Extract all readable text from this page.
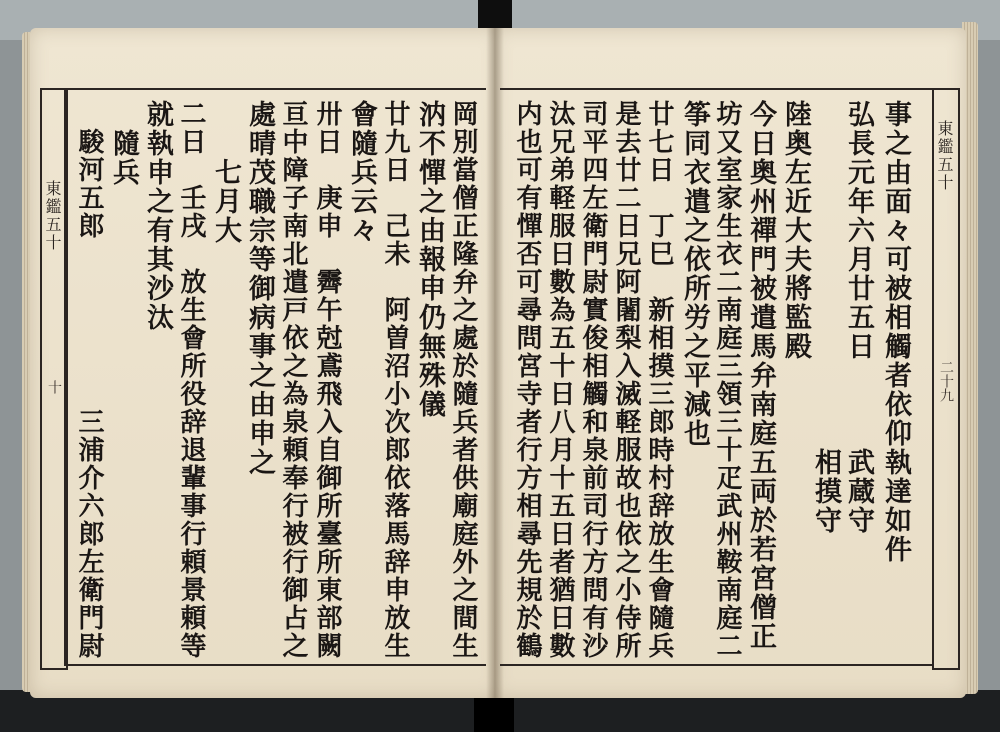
東鑑五十
十
東鑑五十
二十九
事之由面々可被相觸者依仰執達如件
弘長元年六月廿五日　　　武蔵守
　　　　　　　　　　　　相摸守
陸奥左近大夫將監殿
今日奥州禪門被遣馬弁南庭五両於若宮僧正
坊又室家生衣二南庭三領三十疋武州鞍南庭二
筝同衣遣之依所労之平減也
廿七日　丁巳　新相摸三郎時村辞放生會隨兵
是去廿二日兄阿闍梨入滅軽服故也依之小侍所
司平四左衛門尉實俊相觸和泉前司行方問有沙
汰兄弟軽服日數為五十日八月十五日者猶日數
内也可有憚否可尋問宮寺者行方相尋先規於鶴
岡別當僧正隆弁之處於隨兵者供廟庭外之間生
汭不憚之由報申仍無殊儀
廿九日　己未　阿曽沼小次郎依落馬辞申放生
會隨兵云々
卅日　庚申　霽午尅鳶飛入自御所臺所東部闕
亘中障子南北遣戸依之為泉頼奉行被行御占之
處晴茂職宗等御病事之由申之
　　七月大
二日　壬戌　放生會所役辞退輩事行頼景頼等
就執申之有其沙汰
　隨兵
　駿河五郎　　　　　　三浦介六郎左衛門尉
